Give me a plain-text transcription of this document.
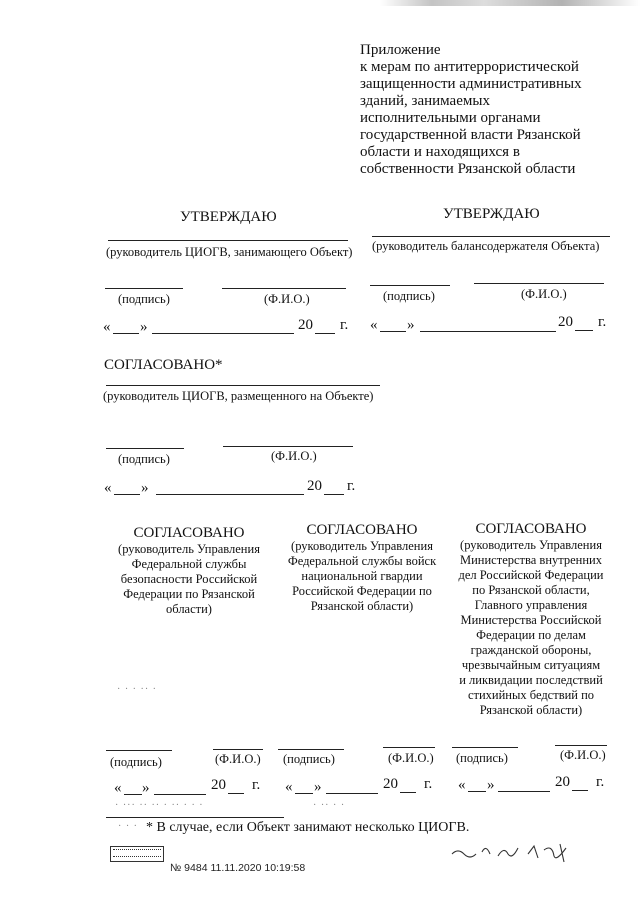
Приложение
к мерам по антитеррористической
защищенности административных
зданий, занимаемых
исполнительными органами
государственной власти Рязанской
области и находящихся в
собственности Рязанской области
УТВЕРЖДАЮ
(руководитель ЦИОГВ, занимающего Объект)
(подпись)	(Ф.И.О.)
« »	20 г.
УТВЕРЖДАЮ
(руководитель балансодержателя Объекта)
(подпись)	(Ф.И.О.)
« »	20 г.
СОГЛАСОВАНО*
(руководитель ЦИОГВ, размещенного на Объекте)
(подпись)	(Ф.И.О.)
« »	20 г.
СОГЛАСОВАНО
(руководитель Управления
Федеральной службы
безопасности Российской
Федерации по Рязанской
области)
СОГЛАСОВАНО
(руководитель Управления
Федеральной службы войск
национальной гвардии
Российской Федерации по
Рязанской области)
СОГЛАСОВАНО
(руководитель Управления
Министерства внутренних
дел Российской Федерации
по Рязанской области,
Главного управления
Министерства Российской
Федерации по делам
гражданской обороны,
чрезвычайным ситуациям
и ликвидации последствий
стихийных бедствий по
Рязанской области)
(подпись)	(Ф.И.О.)
« »	20 г.
(подпись)	(Ф.И.О.)
« »	20 г.
(подпись)	(Ф.И.О.)
« »	20 г.
· · · ·· ·
· ··· ·· ·· · ·· · · ·	· ·· · ·
· · · * В случае, если Объект занимают несколько ЦИОГВ.
№ 9484 11.11.2020 10:19:58
